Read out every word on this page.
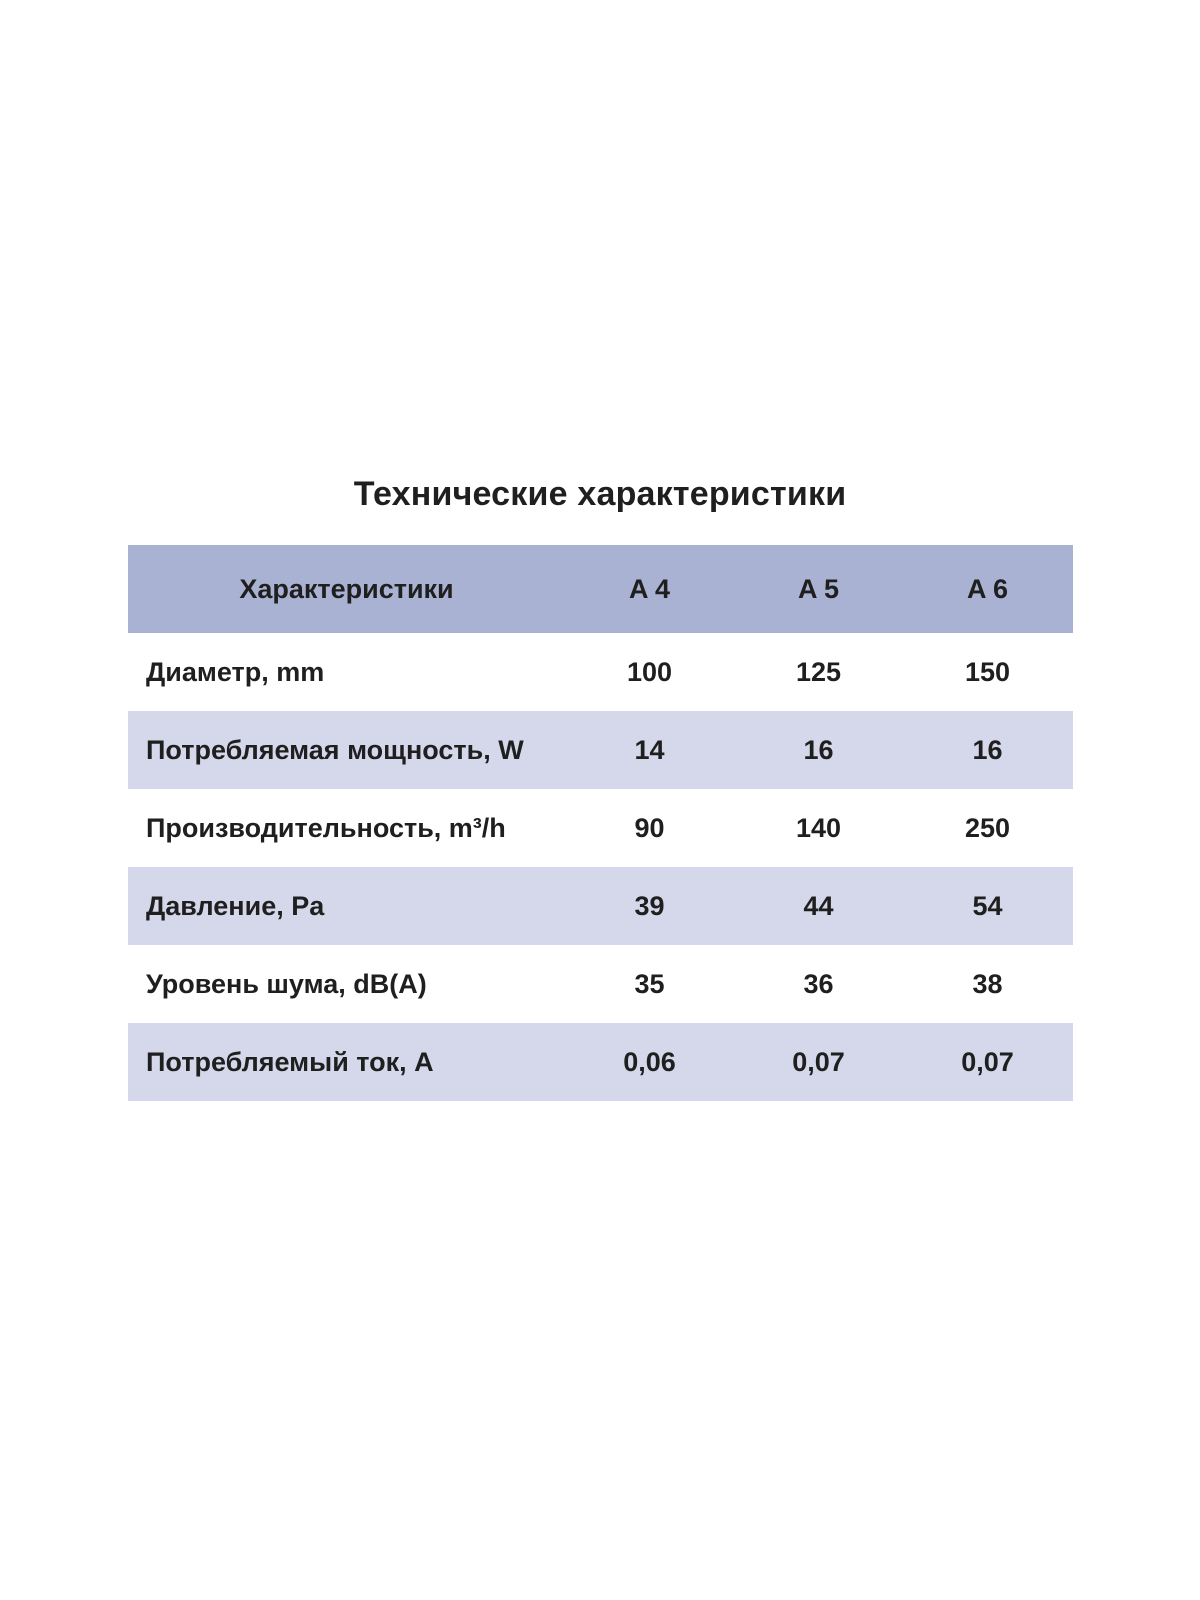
Технические характеристики
Характеристики	A 4	A 5	A 6
Диаметр, mm	100	125	150
Потребляемая мощность, W	14	16	16
Производительность, m³/h	90	140	250
Давление, Pa	39	44	54
Уровень шума, dB(A)	35	36	38
Потребляемый ток, А	0,06	0,07	0,07
